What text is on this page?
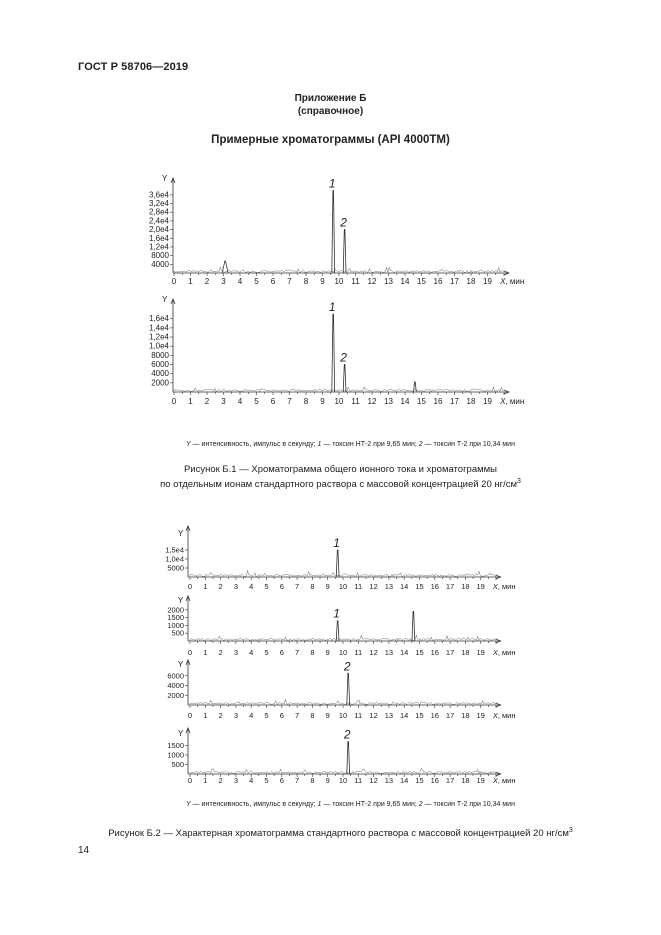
ГОСТ Р 58706—2019
Приложение Б
(справочное)
Примерные хроматограммы (API 4000TM)
Y
4000
8000
1,2e4
1,6e4
2,0e4
2,4e4
2,8e4
3,2e4
3,6e4
0 1 2 3 4 5 6 7 8 9 10 11 12 13 14 15 16 17 18 19 X, мин
1
2
Y
2000
4000
6000
8000
1,0e4
1,2e4
1,4e4
1,6e4
0 1 2 3 4 5 6 7 8 9 10 11 12 13 14 15 16 17 18 19 X, мин
1
2
Y
5000
1,0e4
1,5e4
0 1 2 3 4 5 6 7 8 9 10 11 12 13 14 15 16 17 18 19 X, мин
1
Y
500
1000
1500
2000
0 1 2 3 4 5 6 7 8 9 10 11 12 13 14 15 16 17 18 19 X, мин
1
Y
2000
4000
6000
0 1 2 3 4 5 6 7 8 9 10 11 12 13 14 15 16 17 18 19 X, мин
2
Y
500
1000
1500
0 1 2 3 4 5 6 7 8 9 10 11 12 13 14 15 16 17 18 19 X, мин
2
Y — интенсивность, импульс в секунду; 1 — токсин НТ-2 при 9,65 мин; 2 — токсин Т-2 при 10,34 мин
Рисунок Б.1 — Хроматограмма общего ионного тока и хроматограммы
по отдельным ионам стандартного раствора с массовой концентрацией 20 $нг/см^3$
Y — интенсивность, импульс в секунду; 1 — токсин НТ-2 при 9,65 мин; 2 — токсин Т-2 при 10,34 мин
Рисунок Б.2 — Характерная хроматограмма стандартного раствора с массовой концентрацией 20 $нг/см^3$
14
